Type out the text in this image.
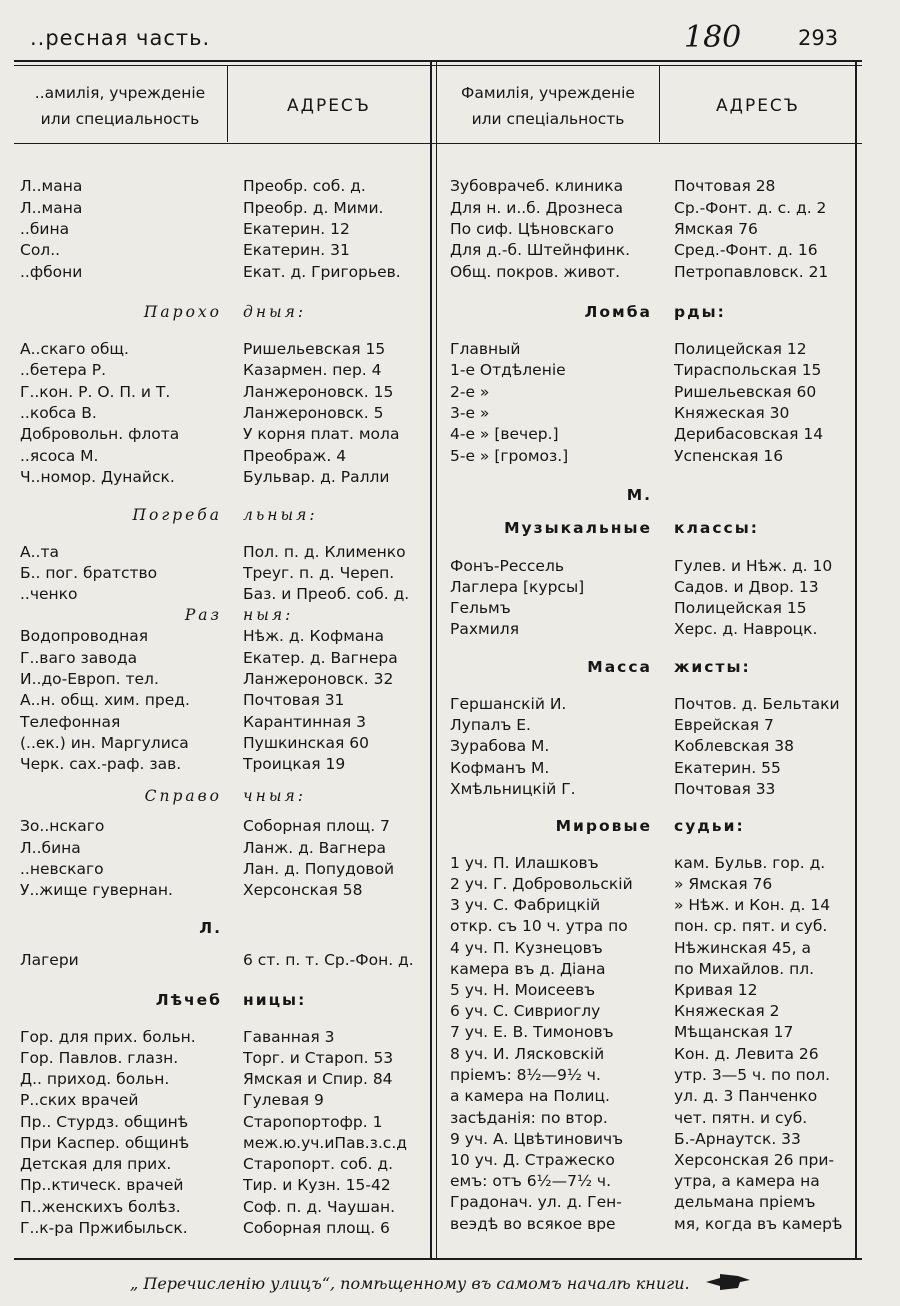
..ресная часть.	180	293
..амилія, учрежденіе
или специальность
АДРЕСЪ
Фамилія, учрежденіе
или спеціальность
АДРЕСЪ
Л..мана	Преобр. соб. д.
Л..мана	Преобр. д. Мими.
..бина	Екатерин. 12
Сол..	Екатерин. 31
..фбони	Екат. д. Григорьев.
Парохо дныя:
А..скаго общ.	Ришельевская 15
..бетера Р.	Казармен. пер. 4
Г..кон. Р. О. П. и Т.	Ланжероновск. 15
..кобса В.	Ланжероновск. 5
Добровольн. флота	У корня плат. мола
..ясоса М.	Преображ. 4
Ч..номор. Дунайск.	Бульвар. д. Ралли
Погреба льныя:
А..та	Пол. п. д. Клименко
Б.. пог. братство	Треуг. п. д. Череп.
..ченко	Баз. и Преоб. соб. д.
Раз ныя:
Водопроводная	Нѣж. д. Кофмана
Г..ваго завода	Екатер. д. Вагнера
И..до-Европ. тел.	Ланжероновск. 32
А..н. общ. хим. пред.	Почтовая 31
Телефонная	Карантинная 3
(..ек.) ин. Маргулиса	Пушкинская 60
Черк. сах.-раф. зав.	Троицкая 19
Справо чныя:
Зо..нскаго	Соборная площ. 7
Л..бина	Ланж. д. Вагнера
..невскаго	Лан. д. Попудовой
У..жище гувернан.	Херсонская 58
Л.
Лагери	6 ст. п. т. Ср.-Фон. д.
Лѣчеб ницы:
Гор. для прих. больн.	Гаванная 3
Гор. Павлов. глазн.	Торг. и Староп. 53
Д.. приход. больн.	Ямская и Спир. 84
Р..ских врачей	Гулевая 9
Пр.. Стурдз. общинѣ	Старопортофр. 1
При Каспер. общинѣ	меж.ю.уч.иПав.з.с.д
Детская для прих.	Старопорт. соб. д.
Пр..ктическ. врачей	Тир. и Кузн. 15-42
П..женскихъ болѣз.	Соф. п. д. Чаушан.
Г..к-ра Пржибыльск.	Соборная площ. 6
Зубоврачеб. клиника	Почтовая 28
Для н. и..б. Дрознеса	Ср.-Фонт. д. с. д. 2
По сиф. Цѣновскаго	Ямская 76
Для д.-б. Штейнфинк.	Сред.-Фонт. д. 16
Общ. покров. живот.	Петропавловск. 21
Ломба рды:
Главный	Полицейская 12
1-е Отдѣленіе	Тираспольская 15
2-е »	Ришельевская 60
3-е »	Княжеская 30
4-е » [вечер.]	Дерибасовская 14
5-е » [громоз.]	Успенская 16
М.
Музыкальные классы:
Фонъ-Рессель	Гулев. и Нѣж. д. 10
Лаглера [курсы]	Садов. и Двор. 13
Гельмъ	Полицейская 15
Рахмиля	Херс. д. Навроцк.
Масса жисты:
Гершанскій И.	Почтов. д. Бельтаки
Лупалъ Е.	Еврейская 7
Зурабова М.	Коблевская 38
Кофманъ М.	Екатерин. 55
Хмѣльницкій Г.	Почтовая 33
Мировые судьи:
1 уч. П. Илашковъ	кам. Бульв. гор. д.
2 уч. Г. Добровольскій	» Ямская 76
3 уч. С. Фабрицкій	» Нѣж. и Кон. д. 14
откр. съ 10 ч. утра по	пон. ср. пят. и суб.
4 уч. П. Кузнецовъ	Нѣжинская 45, а
камера въ д. Діана	по Михайлов. пл.
5 уч. Н. Моисеевъ	Кривая 12
6 уч. С. Сивриоглу	Княжеская 2
7 уч. Е. В. Тимоновъ	Мѣщанская 17
8 уч. И. Лясковскій	Кон. д. Левита 26
пріемъ: 8½—9½ ч.	утр. 3—5 ч. по пол.
а камера на Полиц.	ул. д. 3 Панченко
засѣданія: по втор.	чет. пятн. и суб.
9 уч. А. Цвѣтиновичъ	Б.-Арнаутск. 33
10 уч. Д. Стражеско	Херсонская 26 при-
емъ: отъ 6½—7½ ч.	утра, а камера на
Градонач. ул. д. Ген-	дельмана пріемъ
веэдѣ во всякое вре	мя, когда въ камерѣ
„ Перечисленію улицъ“, помѣщенному въ самомъ началѣ книги.
